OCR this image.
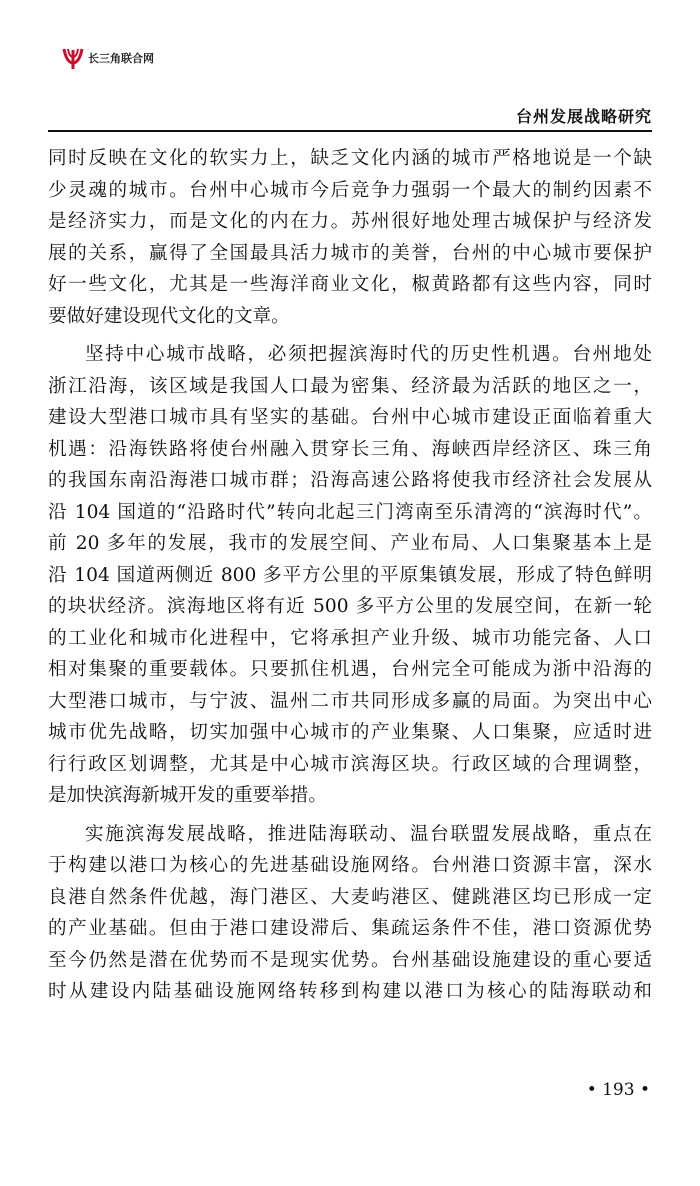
长三角联合网
台州发展战略研究
同时反映在文化的软实力上，缺乏文化内涵的城市严格地说是一个缺
少灵魂的城市。台州中心城市今后竞争力强弱一个最大的制约因素不
是经济实力，而是文化的内在力。苏州很好地处理古城保护与经济发
展的关系，赢得了全国最具活力城市的美誉，台州的中心城市要保护
好一些文化，尤其是一些海洋商业文化，椒黄路都有这些内容，同时
要做好建设现代文化的文章。
坚持中心城市战略，必须把握滨海时代的历史性机遇。台州地处
浙江沿海，该区域是我国人口最为密集、经济最为活跃的地区之一，
建设大型港口城市具有坚实的基础。台州中心城市建设正面临着重大
机遇：沿海铁路将使台州融入贯穿长三角、海峡西岸经济区、珠三角
的我国东南沿海港口城市群；沿海高速公路将使我市经济社会发展从
沿 104 国道的“沿路时代”转向北起三门湾南至乐清湾的“滨海时代”。
前 20 多年的发展，我市的发展空间、产业布局、人口集聚基本上是
沿 104 国道两侧近 800 多平方公里的平原集镇发展，形成了特色鲜明
的块状经济。滨海地区将有近 500 多平方公里的发展空间，在新一轮
的工业化和城市化进程中，它将承担产业升级、城市功能完备、人口
相对集聚的重要载体。只要抓住机遇，台州完全可能成为浙中沿海的
大型港口城市，与宁波、温州二市共同形成多赢的局面。为突出中心
城市优先战略，切实加强中心城市的产业集聚、人口集聚，应适时进
行行政区划调整，尤其是中心城市滨海区块。行政区域的合理调整，
是加快滨海新城开发的重要举措。
实施滨海发展战略，推进陆海联动、温台联盟发展战略，重点在
于构建以港口为核心的先进基础设施网络。台州港口资源丰富，深水
良港自然条件优越，海门港区、大麦屿港区、健跳港区均已形成一定
的产业基础。但由于港口建设滞后、集疏运条件不佳，港口资源优势
至今仍然是潜在优势而不是现实优势。台州基础设施建设的重心要适
时从建设内陆基础设施网络转移到构建以港口为核心的陆海联动和
• 193 •
